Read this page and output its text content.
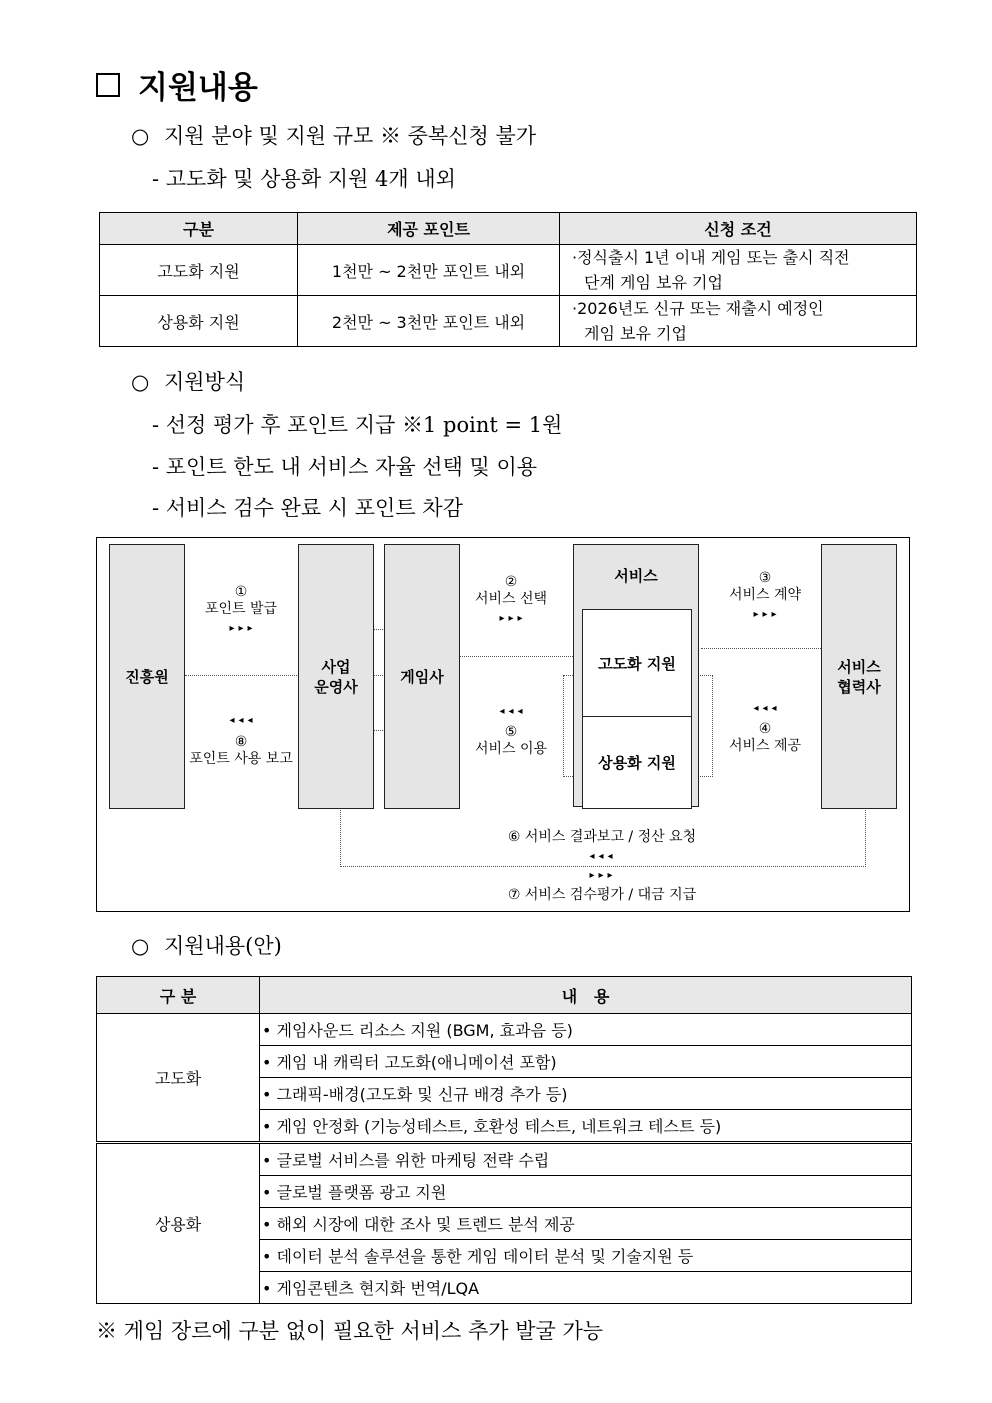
지원내용
○ 지원 분야 및 지원 규모 ※ 중복신청 불가
- 고도화 및 상용화 지원 4개 내외
구분	제공 포인트	신청 조건
고도화 지원	1천만 ~ 2천만 포인트 내외	·정식출시 1년 이내 게임 또는 출시 직전
단계 게임 보유 기업

상용화 지원	2천만 ~ 3천만 포인트 내외	·2026년도 신규 또는 재출시 예정인
게임 보유 기업
○ 지원방식
- 선정 평가 후 포인트 지급 ※1 point = 1원
- 포인트 한도 내 서비스 자율 선택 및 이용
- 서비스 검수 완료 시 포인트 차감
진흥원
사업
운영사
게임사
서비스
고도화 지원
상용화 지원
서비스
협력사
①
포인트 발급
▸▸▸
◂◂◂
⑧
포인트 사용 보고
②
서비스 선택
▸▸▸
◂◂◂
⑤
서비스 이용
③
서비스 계약
▸▸▸
◂◂◂
④
서비스 제공
⑥ 서비스 결과보고 / 정산 요청
◂◂◂
▸▸▸
⑦ 서비스 검수평가 / 대금 지급
○ 지원내용(안)
구 분	내   용
고도화	• 게임사운드 리소스 지원 (BGM, 효과음 등)
	• 게임 내 캐릭터 고도화(애니메이션 포함)
	• 그래픽-배경(고도화 및 신규 배경 추가 등)
	• 게임 안정화 (기능성테스트, 호환성 테스트, 네트워크 테스트 등)
상용화	• 글로벌 서비스를 위한 마케팅 전략 수립
	• 글로벌 플랫폼 광고 지원
	• 해외 시장에 대한 조사 및 트렌드 분석 제공
	• 데이터 분석 솔루션을 통한 게임 데이터 분석 및 기술지원 등
	• 게임콘텐츠 현지화 번역/LQA
※ 게임 장르에 구분 없이 필요한 서비스 추가 발굴 가능
